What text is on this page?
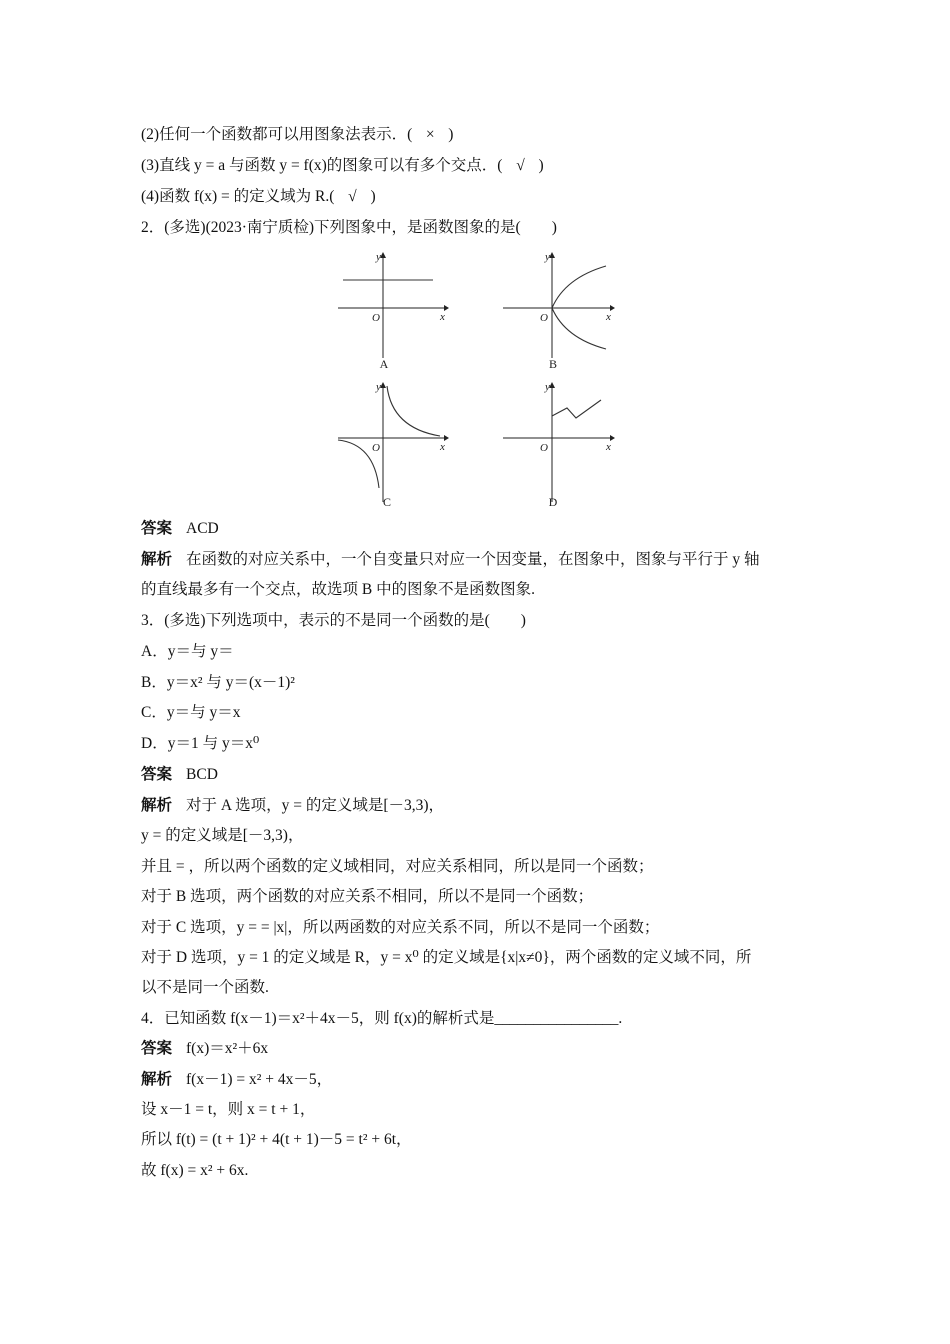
(2)任何一个函数都可以用图象法表示．( × )
(3)直线 y = a 与函数 y = f(x)的图象可以有多个交点．( √ )
(4)函数 f(x) = 的定义域为 R.( √ )
2．(多选)(2023·南宁质检)下列图象中，是函数图象的是(　　)
y
x
O
A
y
x
O
B
y
x
O
C
y
x
O
D
答案 ACD
解析 在函数的对应关系中，一个自变量只对应一个因变量，在图象中，图象与平行于 y 轴
的直线最多有一个交点，故选项 B 中的图象不是函数图象.
3．(多选)下列选项中，表示的不是同一个函数的是(　　)
A．y＝与 y＝
B．y＝x² 与 y＝(x－1)²
C．y＝与 y＝x
D．y＝1 与 y＝x⁰
答案 BCD
解析 对于 A 选项，y = 的定义域是[－3,3)，
y = 的定义域是[－3,3)，
并且 = ，所以两个函数的定义域相同，对应关系相同，所以是同一个函数；
对于 B 选项，两个函数的对应关系不相同，所以不是同一个函数；
对于 C 选项，y = = |x|，所以两函数的对应关系不同，所以不是同一个函数；
对于 D 选项，y = 1 的定义域是 R，y = x⁰ 的定义域是{x|x≠0}，两个函数的定义域不同，所
以不是同一个函数.
4．已知函数 f(x－1)＝x²＋4x－5，则 f(x)的解析式是________________.
答案 f(x)＝x²＋6x
解析 f(x－1) = x² + 4x－5，
设 x－1 = t，则 x = t + 1，
所以 f(t) = (t + 1)² + 4(t + 1)－5 = t² + 6t，
故 f(x) = x² + 6x.
